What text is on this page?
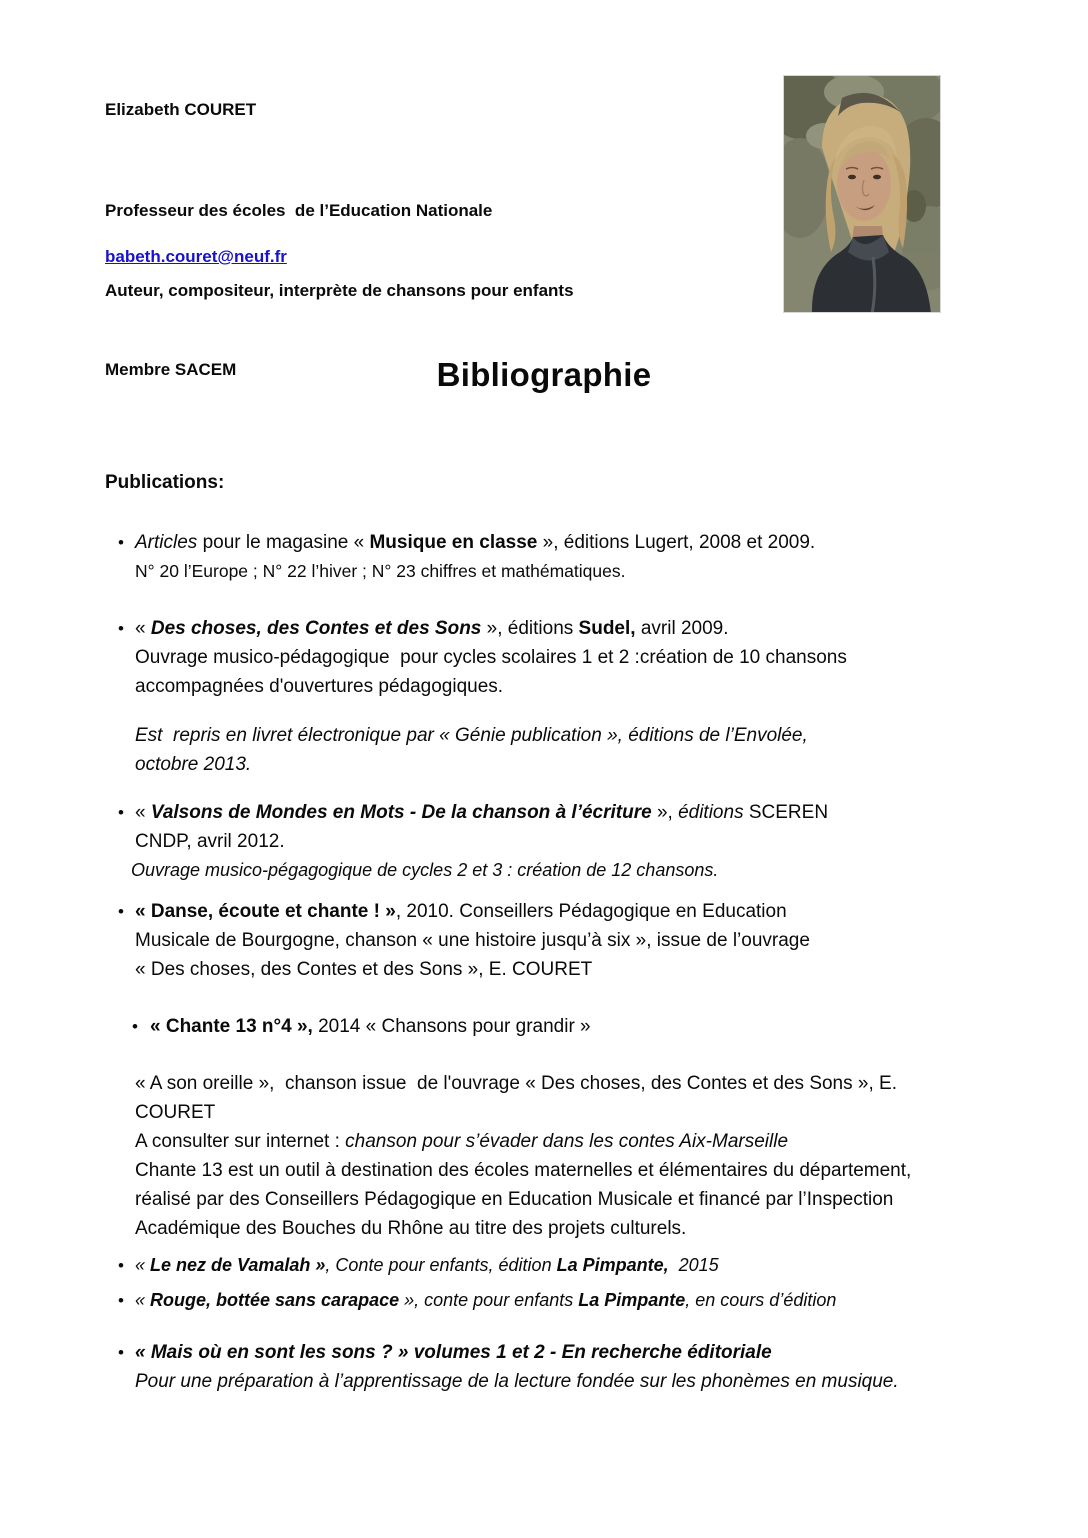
Elizabeth COURET

Professeur des écoles  de l’Education Nationale

Auteur, compositeur, interprète de chansons pour enfants

Membre SACEM

babeth.couret@neuf.fr
Bibliographie
Publications:
• Articles pour le magasine « Musique en classe », éditions Lugert, 2008 et 2009.
N° 20 l’Europe ; N° 22 l’hiver ; N° 23 chiffres et mathématiques.
• « Des choses, des Contes et des Sons », éditions Sudel, avril 2009.
Ouvrage musico-pédagogique  pour cycles scolaires 1 et 2 :création de 10 chansons
accompagnées d'ouvertures pédagogiques.
Est  repris en livret électronique par « Génie publication », éditions de l’Envolée,
octobre 2013.
• « Valsons de Mondes en Mots - De la chanson à l’écriture », éditions SCEREN
CNDP, avril 2012.
Ouvrage musico-pégagogique de cycles 2 et 3 : création de 12 chansons.
• « Danse, écoute et chante ! », 2010. Conseillers Pédagogique en Education
Musicale de Bourgogne, chanson « une histoire jusqu’à six », issue de l’ouvrage
« Des choses, des Contes et des Sons », E. COURET
• « Chante 13 n°4 », 2014 « Chansons pour grandir »
« A son oreille »,  chanson issue  de l'ouvrage « Des choses, des Contes et des Sons », E.
COURET
A consulter sur internet : chanson pour s’évader dans les contes Aix-Marseille
Chante 13 est un outil à destination des écoles maternelles et élémentaires du département,
réalisé par des Conseillers Pédagogique en Education Musicale et financé par l’Inspection
Académique des Bouches du Rhône au titre des projets culturels.
• « Le nez de Vamalah », Conte pour enfants, édition La Pimpante,  2015
• « Rouge, bottée sans carapace », conte pour enfants La Pimpante, en cours d’édition
• « Mais où en sont les sons ? » volumes 1 et 2 - En recherche éditoriale
Pour une préparation à l’apprentissage de la lecture fondée sur les phonèmes en musique.
